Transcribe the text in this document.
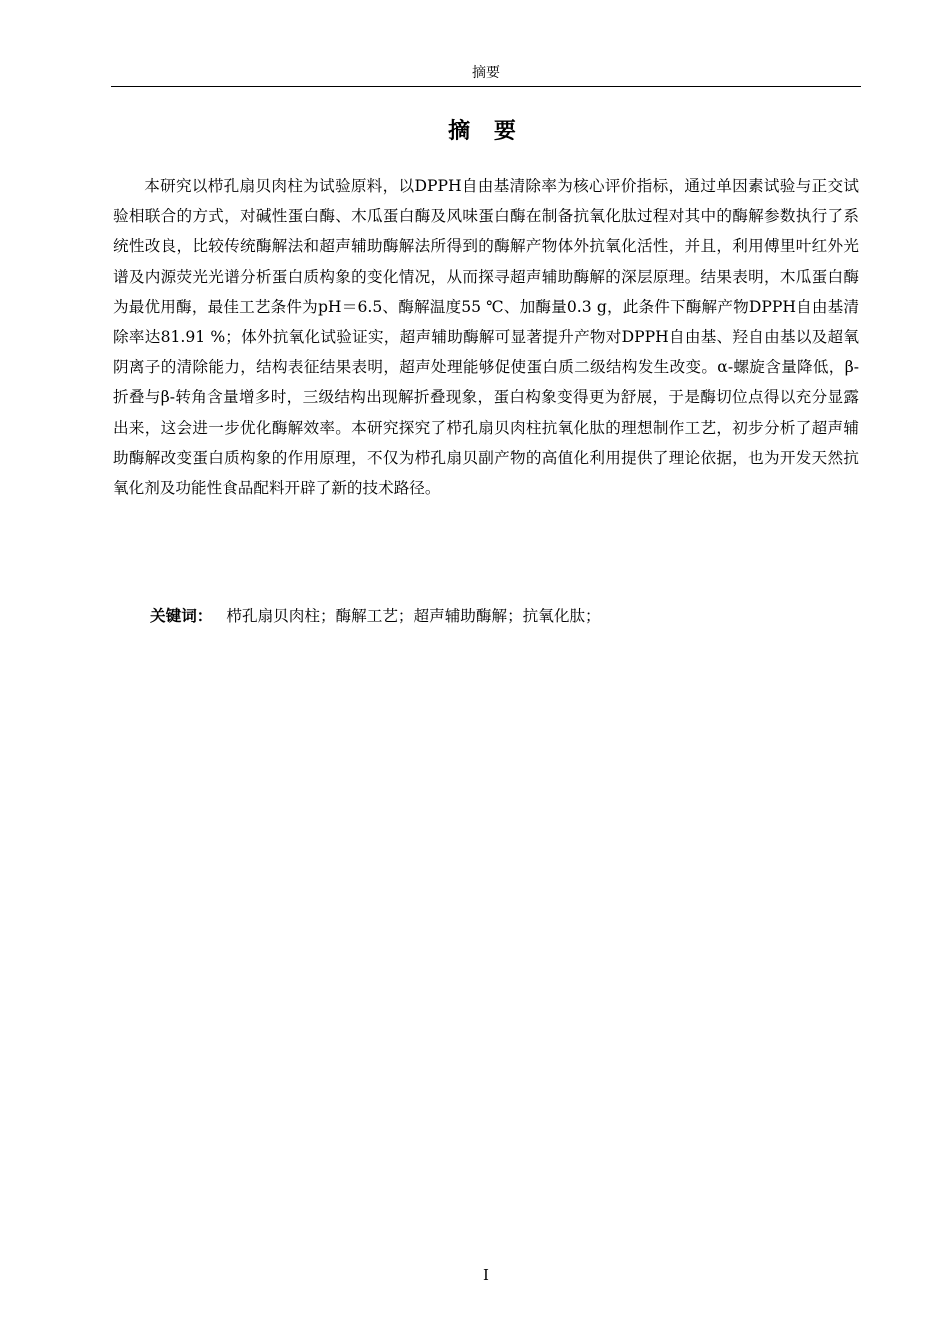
摘要
摘 要

本研究以栉孔扇贝肉柱为试验原料，以DPPH自由基清除率为核心评价指标，通过单因素试验与正交试验相联合的方式，对碱性蛋白酶、木瓜蛋白酶及风味蛋白酶在制备抗氧化肽过程对其中的酶解参数执行了系统性改良，比较传统酶解法和超声辅助酶解法所得到的酶解产物体外抗氧化活性，并且，利用傅里叶红外光谱及内源荧光光谱分析蛋白质构象的变化情况，从而探寻超声辅助酶解的深层原理。结果表明，木瓜蛋白酶为最优用酶，最佳工艺条件为pH＝6.5、酶解温度55 ℃、加酶量0.3 g，此条件下酶解产物DPPH自由基清除率达81.91 %；体外抗氧化试验证实，超声辅助酶解可显著提升产物对DPPH自由基、羟自由基以及超氧阴离子的清除能力，结构表征结果表明，超声处理能够促使蛋白质二级结构发生改变。α-螺旋含量降低，β-折叠与β-转角含量增多时，三级结构出现解折叠现象，蛋白构象变得更为舒展，于是酶切位点得以充分显露出来，这会进一步优化酶解效率。本研究探究了栉孔扇贝肉柱抗氧化肽的理想制作工艺，初步分析了超声辅助酶解改变蛋白质构象的作用原理，不仅为栉孔扇贝副产物的高值化利用提供了理论依据，也为开发天然抗氧化剂及功能性食品配料开辟了新的技术路径。

关键词： 栉孔扇贝肉柱；酶解工艺；超声辅助酶解；抗氧化肽；
I
